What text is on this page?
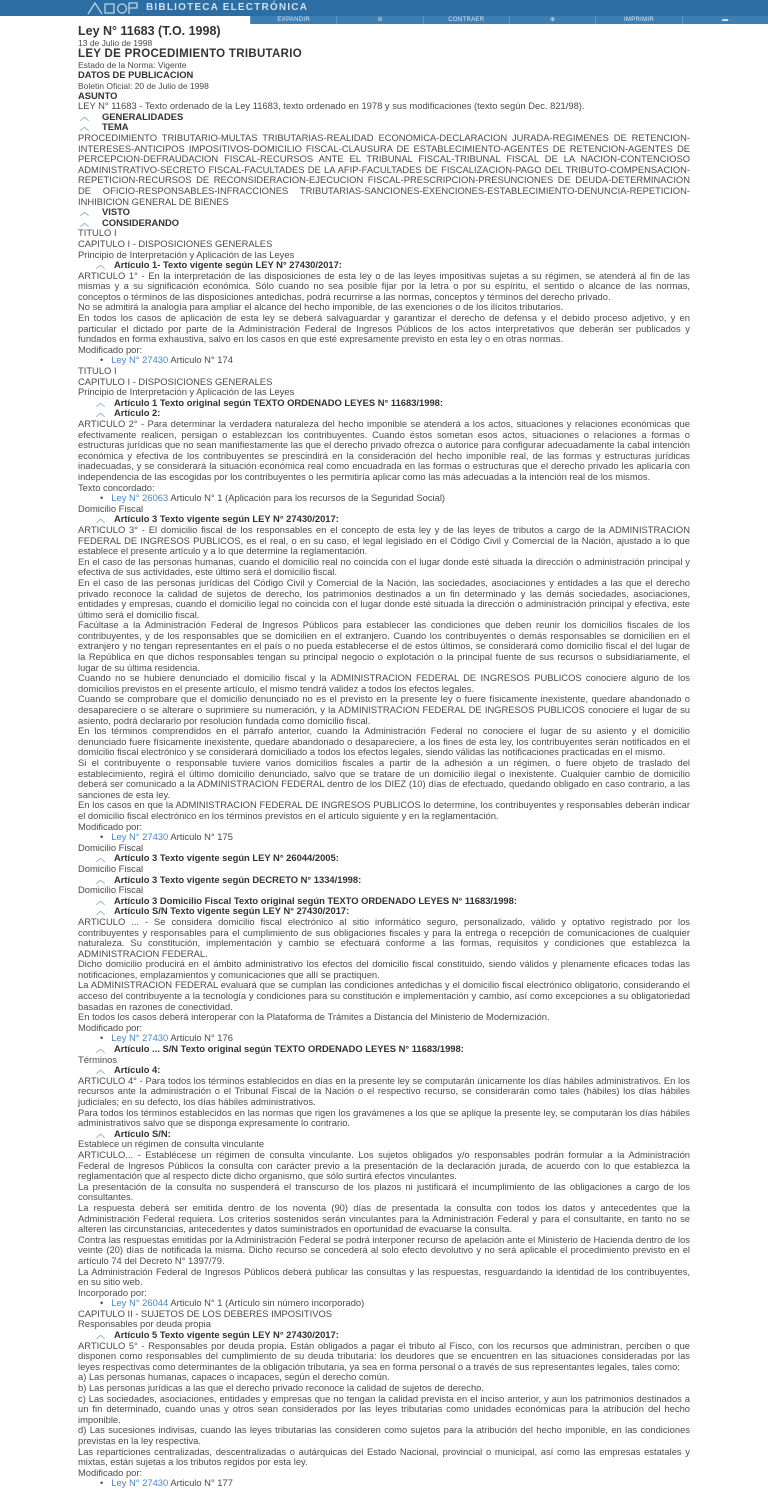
BIBLIOTECA ELECTRÓNICA
EXPANDIR	⊖	CONTRAER	⊕	IMPRIMIR	▬

Ley N° 11683 (T.O. 1998)

13 de Julio de 1998

LEY DE PROCEDIMIENTO TRIBUTARIO

Estado de la Norma: Vigente

DATOS DE PUBLICACION

Boletin Oficial: 20 de Julio de 1998

ASUNTO

LEY N° 11683 - Texto ordenado de la Ley 11683, texto ordenado en 1978 y sus modificaciones (texto según Dec. 821/98).

︿ GENERALIDADES

︿ TEMA

PROCEDIMIENTO TRIBUTARIO-MULTAS TRIBUTARIAS-REALIDAD ECONOMICA-DECLARACION JURADA-REGIMENES DE RETENCION-INTERESES-ANTICIPOS IMPOSITIVOS-DOMICILIO FISCAL-CLAUSURA DE ESTABLECIMIENTO-AGENTES DE RETENCION-AGENTES DE PERCEPCION-DEFRAUDACION FISCAL-RECURSOS ANTE EL TRIBUNAL FISCAL-TRIBUNAL FISCAL DE LA NACION-CONTENCIOSO ADMINISTRATIVO-SECRETO FISCAL-FACULTADES DE LA AFIP-FACULTADES DE FISCALIZACION-PAGO DEL TRIBUTO-COMPENSACION-REPETICION-RECURSOS DE RECONSIDERACION-EJECUCION FISCAL-PRESCRIPCION-PRESUNCIONES DE DEUDA-DETERMINACION DE OFICIO-RESPONSABLES-INFRACCIONES TRIBUTARIAS-SANCIONES-EXENCIONES-ESTABLECIMIENTO-DENUNCIA-REPETICION-INHIBICION GENERAL DE BIENES

︿ VISTO

︿ CONSIDERANDO

TITULO I

CAPITULO I - DISPOSICIONES GENERALES

Principio de Interpretación y Aplicación de las Leyes

︿ Artículo 1- Texto vigente según LEY N° 27430/2017:

ARTICULO 1° - En la interpretación de las disposiciones de esta ley o de las leyes impositivas sujetas a su régimen, se atenderá al fin de las mismas y a su significación económica. Sólo cuando no sea posible fijar por la letra o por su espíritu, el sentido o alcance de las normas, conceptos o términos de las disposiciones antedichas, podrá recurrirse a las normas, conceptos y términos del derecho privado.

No se admitirá la analogía para ampliar el alcance del hecho imponible, de las exenciones o de los ilícitos tributarios.

En todos los casos de aplicación de esta ley se deberá salvaguardar y garantizar el derecho de defensa y el debido proceso adjetivo, y en particular el dictado por parte de la Administración Federal de Ingresos Públicos de los actos interpretativos que deberán ser publicados y fundados en forma exhaustiva, salvo en los casos en que esté expresamente previsto en esta ley o en otras normas.

Modificado por:

• Ley N° 27430 Articulo N° 174

TITULO I

CAPITULO I - DISPOSICIONES GENERALES

Principio de Interpretación y Aplicación de las Leyes

︿ Artículo 1 Texto original según TEXTO ORDENADO LEYES N° 11683/1998:

︿ Artículo 2:

ARTICULO 2° - Para determinar la verdadera naturaleza del hecho imponible se atenderá a los actos, situaciones y relaciones económicas que efectivamente realicen, persigan o establezcan los contribuyentes. Cuando éstos sometan esos actos, situaciones o relaciones a formas o estructuras jurídicas que no sean manifiestamente las que el derecho privado ofrezca o autorice para configurar adecuadamente la cabal intención económica y efectiva de los contribuyentes se prescindirá en la consideración del hecho imponible real, de las formas y estructuras jurídicas inadecuadas, y se considerará la situación económica real como encuadrada en las formas o estructuras que el derecho privado les aplicaría con independencia de las escogidas por los contribuyentes o les permitiría aplicar como las más adecuadas a la intención real de los mismos.

Texto concordado:

• Ley N° 26063 Articulo N° 1 (Aplicación para los recursos de la Seguridad Social)

Domicilio Fiscal

︿ Artículo 3 Texto vigente según LEY N° 27430/2017:

ARTICULO 3° - El domicilio fiscal de los responsables en el concepto de esta ley y de las leyes de tributos a cargo de la ADMINISTRACION FEDERAL DE INGRESOS PUBLICOS, es el real, o en su caso, el legal legislado en el Código Civil y Comercial de la Nación, ajustado a lo que establece el presente artículo y a lo que determine la reglamentación.

En el caso de las personas humanas, cuando el domicilio real no coincida con el lugar donde esté situada la dirección o administración principal y efectiva de sus actividades, este último será el domicilio fiscal.

En el caso de las personas jurídicas del Código Civil y Comercial de la Nación, las sociedades, asociaciones y entidades a las que el derecho privado reconoce la calidad de sujetos de derecho, los patrimonios destinados a un fin determinado y las demás sociedades, asociaciones, entidades y empresas, cuando el domicilio legal no coincida con el lugar donde esté situada la dirección o administración principal y efectiva, este último será el domicilio fiscal.

Facúltase a la Administración Federal de Ingresos Públicos para establecer las condiciones que deben reunir los domicilios fiscales de los contribuyentes, y de los responsables que se domicilien en el extranjero. Cuando los contribuyentes o demás responsables se domicilien en el extranjero y no tengan representantes en el país o no pueda establecerse el de estos últimos, se considerará como domicilio fiscal el del lugar de la República en que dichos responsables tengan su principal negocio o explotación o la principal fuente de sus recursos o subsidiariamente, el lugar de su última residencia.

Cuando no se hubiere denunciado el domicilio fiscal y la ADMINISTRACION FEDERAL DE INGRESOS PUBLICOS conociere alguno de los domicilios previstos en el presente artículo, el mismo tendrá validez a todos los efectos legales.

Cuando se comprobare que el domicilio denunciado no es el previsto en la presente ley o fuere físicamente inexistente, quedare abandonado o desapareciere o se alterare o suprimiere su numeración, y la ADMINISTRACION FEDERAL DE INGRESOS PUBLICOS conociere el lugar de su asiento, podrá declararlo por resolución fundada como domicilio fiscal.

En los términos comprendidos en el párrafo anterior, cuando la Administración Federal no conociere el lugar de su asiento y el domicilio denunciado fuere físicamente inexistente, quedare abandonado o desapareciere, a los fines de esta ley, los contribuyentes serán notificados en el domicilio fiscal electrónico y se considerará domiciliado a todos los efectos legales, siendo válidas las notificaciones practicadas en el mismo.

Si el contribuyente o responsable tuviere varios domicilios fiscales a partir de la adhesión a un régimen, o fuere objeto de traslado del establecimiento, regirá el último domicilio denunciado, salvo que se tratare de un domicilio ilegal o inexistente. Cualquier cambio de domicilio deberá ser comunicado a la ADMINISTRACION FEDERAL dentro de los DIEZ (10) días de efectuado, quedando obligado en caso contrario, a las sanciones de esta ley.

En los casos en que la ADMINISTRACION FEDERAL DE INGRESOS PUBLICOS lo determine, los contribuyentes y responsables deberán indicar el domicilio fiscal electrónico en los términos previstos en el artículo siguiente y en la reglamentación.

Modificado por:

• Ley N° 27430 Articulo N° 175

Domicilio Fiscal

︿ Artículo 3 Texto vigente según LEY N° 26044/2005:

Domicilio Fiscal

︿ Artículo 3 Texto vigente según DECRETO N° 1334/1998:

Domicilio Fiscal

︿ Artículo 3 Domicilio Fiscal Texto original según TEXTO ORDENADO LEYES N° 11683/1998:

︿ Artículo S/N Texto vigente según LEY N° 27430/2017:

ARTICULO ... - Se considera domicilio fiscal electrónico al sitio informático seguro, personalizado, válido y optativo registrado por los contribuyentes y responsables para el cumplimiento de sus obligaciones fiscales y para la entrega o recepción de comunicaciones de cualquier naturaleza. Su constitución, implementación y cambio se efectuará conforme a las formas, requisitos y condiciones que establezca la ADMINISTRACION FEDERAL.

Dicho domicilio producirá en el ámbito administrativo los efectos del domicilio fiscal constituido, siendo válidos y plenamente eficaces todas las notificaciones, emplazamientos y comunicaciones que allí se practiquen.

La ADMINISTRACION FEDERAL evaluará que se cumplan las condiciones antedichas y el domicilio fiscal electrónico obligatorio, considerando el acceso del contribuyente a la tecnología y condiciones para su constitución e implementación y cambio, así como excepciones a su obligatoriedad basadas en razones de conectividad.

En todos los casos deberá interoperar con la Plataforma de Trámites a Distancia del Ministerio de Modernización.

Modificado por:

• Ley N° 27430 Articulo N° 176

︿ Artículo ... S/N Texto original según TEXTO ORDENADO LEYES N° 11683/1998:

Términos

︿ Artículo 4:

ARTICULO 4° - Para todos los términos establecidos en días en la presente ley se computarán únicamente los días hábiles administrativos. En los recursos ante la administración o el Tribunal Fiscal de la Nación o el respectivo recurso, se considerarán como tales (hábiles) los días hábiles judiciales; en su defecto, los días hábiles administrativos.

Para todos los términos establecidos en las normas que rigen los gravámenes a los que se aplique la presente ley, se computarán los días hábiles administrativos salvo que se disponga expresamente lo contrario.

︿ Artículo S/N:

Establece un régimen de consulta vinculante

ARTICULO... - Establécese un régimen de consulta vinculante. Los sujetos obligados y/o responsables podrán formular a la Administración Federal de Ingresos Públicos la consulta con carácter previo a la presentación de la declaración jurada, de acuerdo con lo que establezca la reglamentación que al respecto dicte dicho organismo, que sólo surtirá efectos vinculantes.

La presentación de la consulta no suspenderá el transcurso de los plazos ni justificará el incumplimiento de las obligaciones a cargo de los consultantes.

La respuesta deberá ser emitida dentro de los noventa (90) días de presentada la consulta con todos los datos y antecedentes que la Administración Federal requiera. Los criterios sostenidos serán vinculantes para la Administración Federal y para el consultante, en tanto no se alteren las circunstancias, antecedentes y datos suministrados en oportunidad de evacuarse la consulta.

Contra las respuestas emitidas por la Administración Federal se podrá interponer recurso de apelación ante el Ministerio de Hacienda dentro de los veinte (20) días de notificada la misma. Dicho recurso se concederá al solo efecto devolutivo y no será aplicable el procedimiento previsto en el artículo 74 del Decreto N° 1397/79.

La Administración Federal de Ingresos Públicos deberá publicar las consultas y las respuestas, resguardando la identidad de los contribuyentes, en su sitio web.

Incorporado por:

• Ley N° 26044 Articulo N° 1 (Artículo sin número incorporado)

CAPITULO II - SUJETOS DE LOS DEBERES IMPOSITIVOS

Responsables por deuda propia

︿ Artículo 5 Texto vigente según LEY N° 27430/2017:

ARTICULO 5° - Responsables por deuda propia. Están obligados a pagar el tributo al Fisco, con los recursos que administran, perciben o que disponen como responsables del cumplimiento de su deuda tributaria: los deudores que se encuentren en las situaciones consideradas por las leyes respectivas como determinantes de la obligación tributaria, ya sea en forma personal o a través de sus representantes legales, tales como:

a) Las personas humanas, capaces o incapaces, según el derecho común.

b) Las personas jurídicas a las que el derecho privado reconoce la calidad de sujetos de derecho.

c) Las sociedades, asociaciones, entidades y empresas que no tengan la calidad prevista en el inciso anterior, y aun los patrimonios destinados a un fin determinado, cuando unas y otros sean considerados por las leyes tributarias como unidades económicas para la atribución del hecho imponible.

d) Las sucesiones indivisas, cuando las leyes tributarias las consideren como sujetos para la atribución del hecho imponible, en las condiciones previstas en la ley respectiva.

Las reparticiones centralizadas, descentralizadas o autárquicas del Estado Nacional, provincial o municipal, así como las empresas estatales y mixtas, están sujetas a los tributos regidos por esta ley.

Modificado por:

• Ley N° 27430 Articulo N° 177
